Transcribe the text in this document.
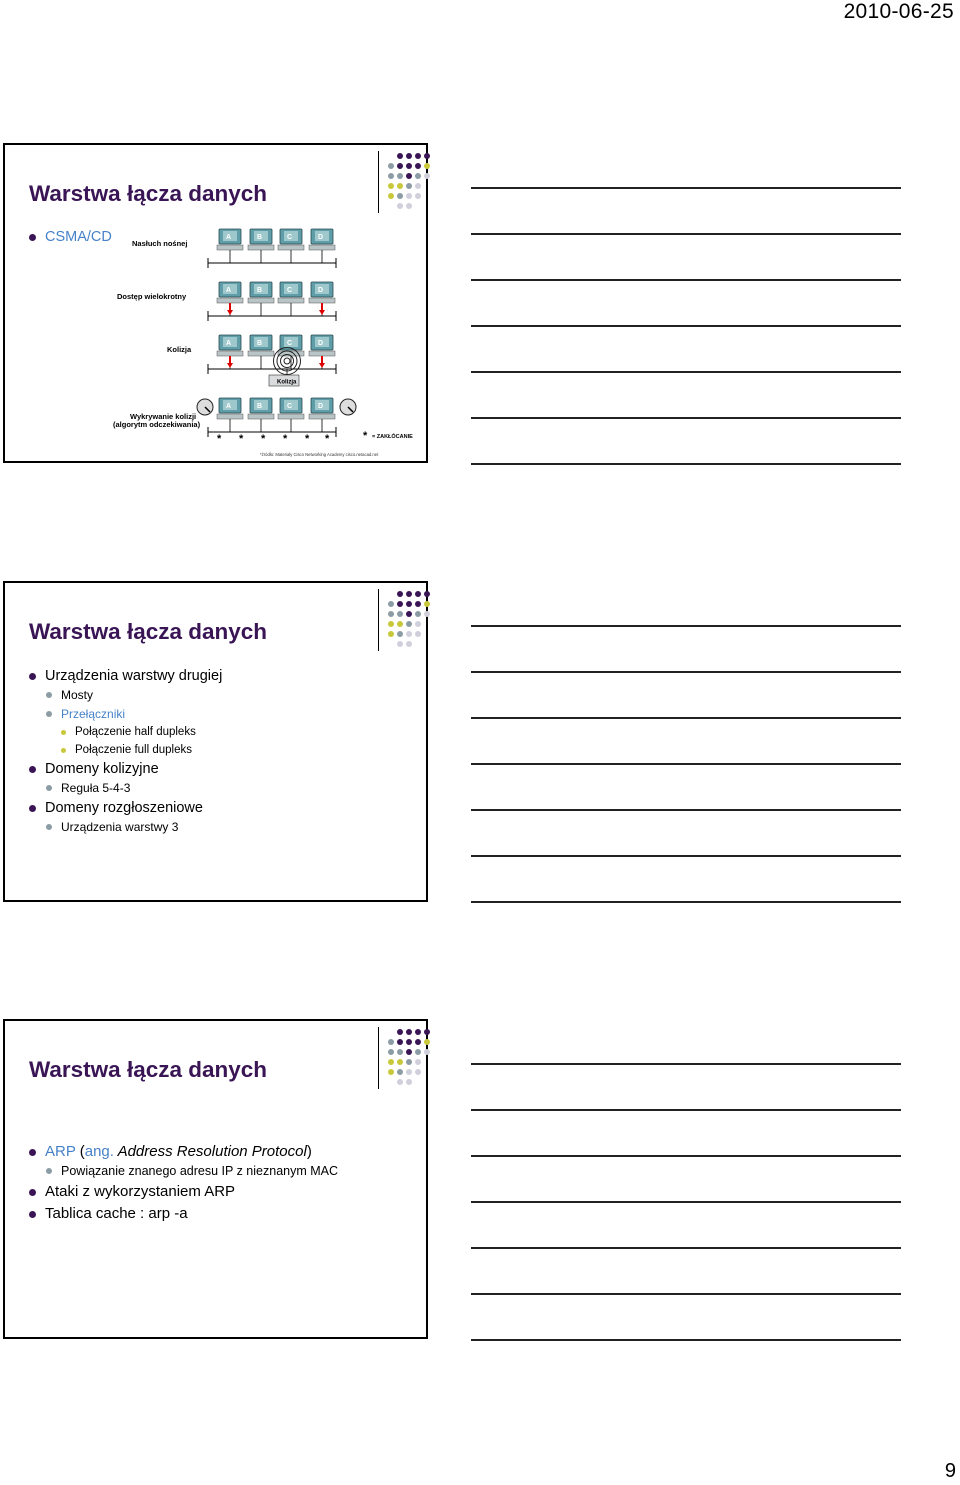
2010-06-25
Warstwa łącza danych
CSMA/CD	Nasłuch nośnej
Dostęp wielokrotny
Kolizja
Wykrywanie kolizji
(algorytm odczekiwania)
A	B	C	D
A	B	C	D
A	B	C	D
A	B	C	D
Kolizja
* * * * * *	* = ZAKŁÓCANIE
*źródło: Materiały Cisco Networking Academy cisco.netacad.net
Warstwa łącza danych
Urządzenia warstwy drugiej
Mosty
Przełączniki
Połączenie half dupleks
Połączenie full dupleks
Domeny kolizyjne
Reguła 5-4-3
Domeny rozgłoszeniowe
Urządzenia warstwy 3
Warstwa łącza danych
ARP (ang. Address Resolution Protocol)
Powiązanie znanego adresu IP z nieznanym MAC
Ataki z wykorzystaniem ARP
Tablica cache : arp -a
9
